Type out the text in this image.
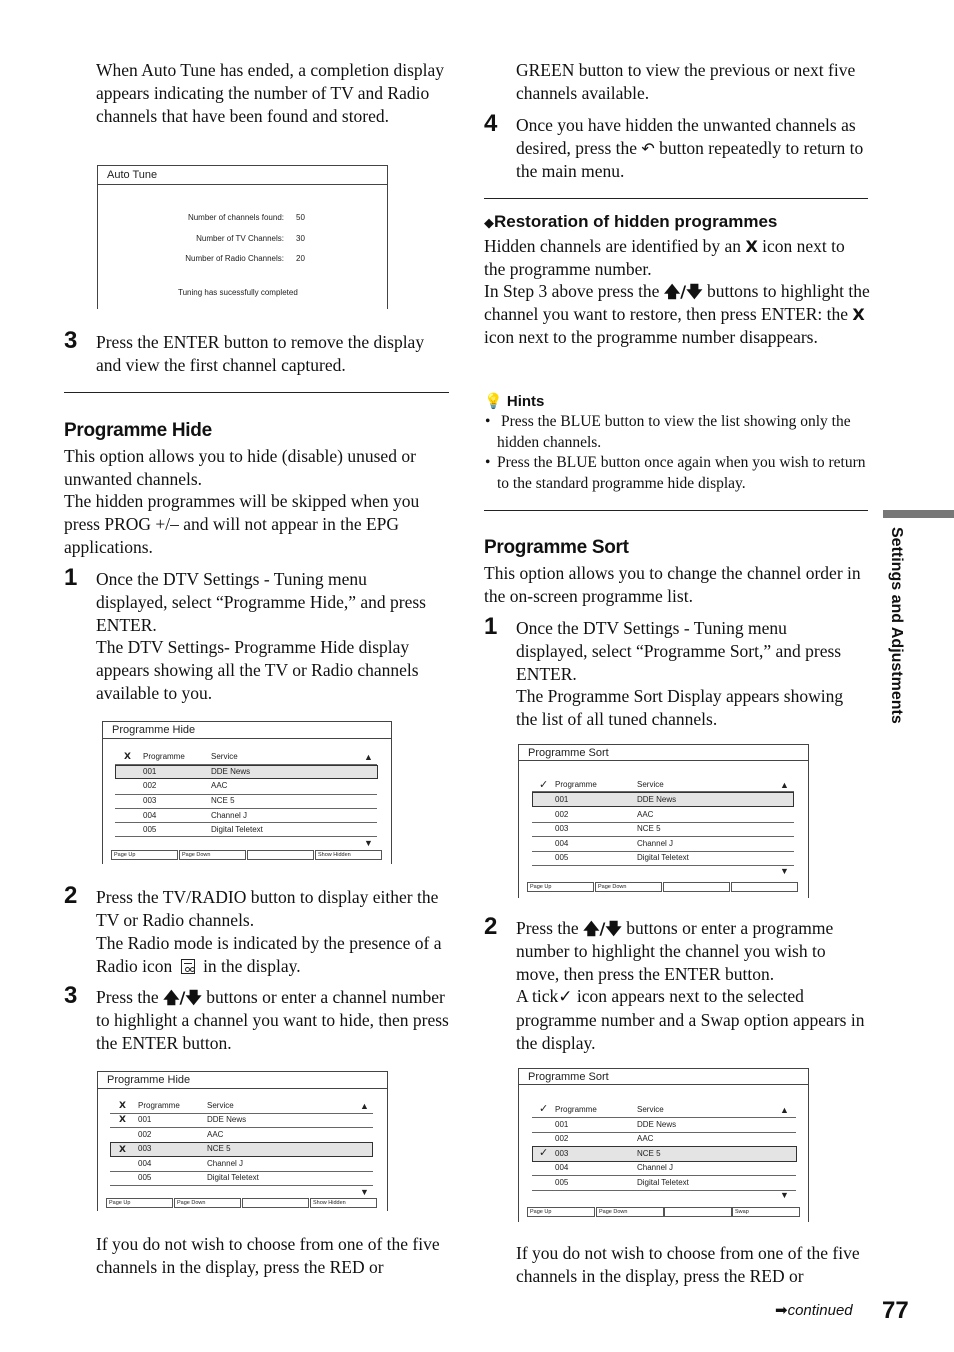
When Auto Tune has ended, a completion display appears indicating the number of TV and Radio channels that have been found and stored.

Auto Tune
Number of channels found: 50
Number of TV Channels: 30
Number of Radio Channels: 20
Tuning has sucessfully completed
3 Press the ENTER button to remove the display and view the first channel captured.

Programme Hide

This option allows you to hide (disable) unused or unwanted channels.

The hidden programmes will be skipped when you press PROG +/– and will not appear in the EPG applications.

1 Once the DTV Settings - Tuning menu displayed, select “Programme Hide,” and press ENTER.

The DTV Settings- Programme Hide display appears showing all the TV or Radio channels available to you.

Programme Hide
X Programme	Service	▲
001	DDE News
002	AAC
003	NCE 5
004	Channel J
005	Digital Teletext
▼
Page Up	Page Down	Show Hidden
2 Press the TV/RADIO button to display either the TV or Radio channels.

The Radio mode is indicated by the presence of a Radio icon in the display.

3 Press the 🡅/🡇 buttons or enter a channel number to highlight a channel you want to hide, then press the ENTER button.

Programme Hide
X Programme	Service	▲
X 001	DDE News
002	AAC
X 003	NCE 5
004	Channel J
005	Digital Teletext
▼
Page Up	Page Down	Show Hidden

If you do not wish to choose from one of the five channels in the display, press the RED or

GREEN button to view the previous or next five channels available.

4 Once you have hidden the unwanted channels as desired, press the ↶ button repeatedly to return to the main menu.

◆Restoration of hidden programmes

Hidden channels are identified by an X icon next to the programme number.

In Step 3 above press the 🡅/🡇 buttons to highlight the channel you want to restore, then press ENTER: the X icon next to the programme number disappears.

💡 Hints
• Press the BLUE button to view the list showing only the hidden channels.

• Press the BLUE button once again when you wish to return to the standard programme hide display.

Programme Sort

This option allows you to change the channel order in the on-screen programme list.

1 Once the DTV Settings - Tuning menu displayed, select “Programme Sort,” and press ENTER.

The Programme Sort Display appears showing the list of all tuned channels.

Programme Sort
✓ Programme	Service	▲
001	DDE News
002	AAC
003	NCE 5
004	Channel J
005	Digital Teletext
▼
Page Up	Page Down
2 Press the 🡅/🡇 buttons or enter a programme number to highlight the channel you wish to move, then press the ENTER button.

A tick✓ icon appears next to the selected programme number and a Swap option appears in the display.

Programme Sort
✓ Programme	Service	▲
001	DDE News
002	AAC
✓ 003	NCE 5
004	Channel J
005	Digital Teletext
▼
Page Up	Page Down	Swap

If you do not wish to choose from one of the five channels in the display, press the RED or

➡continued 77
Settings and Adjustments
